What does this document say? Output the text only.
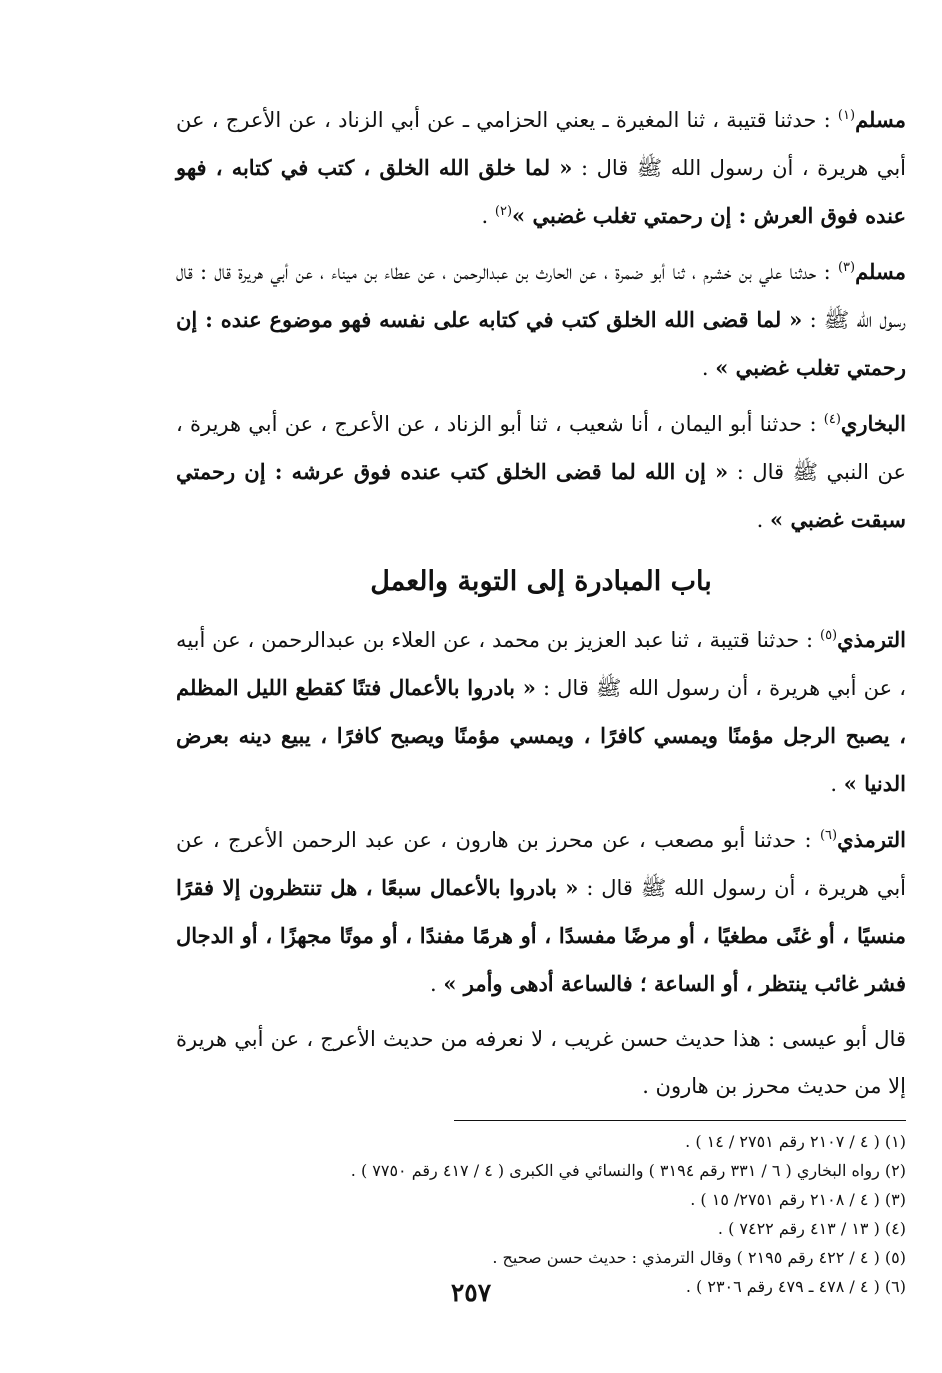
مسلم$^{(١)}$ : حدثنا قتيبة ، ثنا المغيرة ـ يعني الحزامي ـ عن أبي الزناد ، عن الأعرج ، عن أبي هريرة ، أن رسول الله ﷺ قال : « لما خلق الله الخلق ، كتب في كتابه ، فهو عنده فوق العرش : إن رحمتي تغلب غضبي »$^{(٢)}$ .

مسلم$^{(٣)}$ : حدثنا علي بن خشرم ، ثنا أبو ضمرة ، عن الحارث بن عبدالرحمن ، عن عطاء بن ميناء ، عن أبي هريرة قال : قال رسول الله ﷺ : « لما قضى الله الخلق كتب في كتابه على نفسه فهو موضوع عنده : إن رحمتي تغلب غضبي » .

البخاري$^{(٤)}$ : حدثنا أبو اليمان ، أنا شعيب ، ثنا أبو الزناد ، عن الأعرج ، عن أبي هريرة ، عن النبي ﷺ قال : « إن الله لما قضى الخلق كتب عنده فوق عرشه : إن رحمتي سبقت غضبي » .

باب المبادرة إلى التوبة والعمل

الترمذي$^{(٥)}$ : حدثنا قتيبة ، ثنا عبد العزيز بن محمد ، عن العلاء بن عبدالرحمن ، عن أبيه ، عن أبي هريرة ، أن رسول الله ﷺ قال : « بادروا بالأعمال فتنًا كقطع الليل المظلم ، يصبح الرجل مؤمنًا ويمسي كافرًا ، ويمسي مؤمنًا ويصبح كافرًا ، يبيع دينه بعرض الدنيا » .

الترمذي$^{(٦)}$ : حدثنا أبو مصعب ، عن محرز بن هارون ، عن عبد الرحمن الأعرج ، عن أبي هريرة ، أن رسول الله ﷺ قال : « بادروا بالأعمال سبعًا ، هل تنتظرون إلا فقرًا منسيًا ، أو غنًى مطغيًا ، أو مرضًا مفسدًا ، أو هرمًا مفندًا ، أو موتًا مجهزًا ، أو الدجال فشر غائب ينتظر ، أو الساعة ؛ فالساعة أدهى وأمر » .

قال أبو عيسى : هذا حديث حسن غريب ، لا نعرفه من حديث الأعرج ، عن أبي هريرة إلا من حديث محرز بن هارون .

(١) ( ٤ / ٢١٠٧ رقم ٢٧٥١ / ١٤ ) .
(٢) رواه البخاري ( ٦ / ٣٣١ رقم ٣١٩٤ ) والنسائي في الكبرى ( ٤ / ٤١٧ رقم ٧٧٥٠ ) .
(٣) ( ٤ / ٢١٠٨ رقم ٢٧٥١/ ١٥ ) .
(٤) ( ١٣ / ٤١٣ رقم ٧٤٢٢ ) .
(٥) ( ٤ / ٤٢٢ رقم ٢١٩٥ ) وقال الترمذي : حديث حسن صحيح .
(٦) ( ٤ / ٤٧٨ ـ ٤٧٩ رقم ٢٣٠٦ ) .
٢٥٧
